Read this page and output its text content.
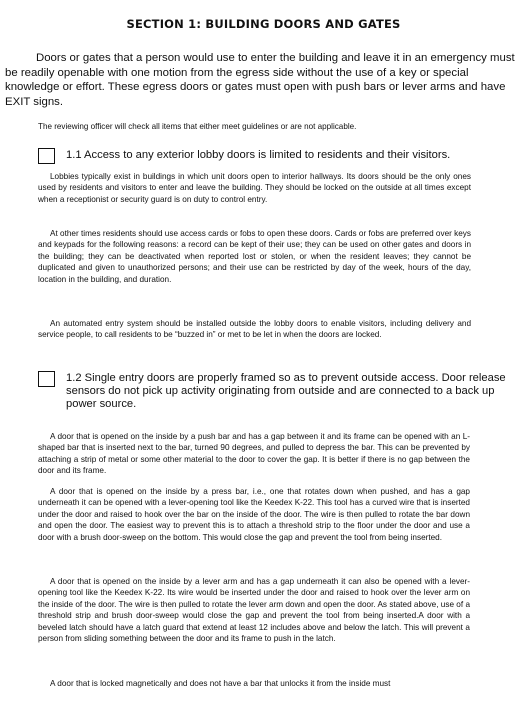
SECTION 1: BUILDING DOORS AND GATES
Doors or gates that a person would use to enter the building and leave it in an emergency must be readily openable with one motion from the egress side without the use of a key or special knowledge or effort. These egress doors or gates must open with push bars or lever arms and have EXIT signs.
The reviewing officer will check all items that either meet guidelines or are not applicable.
1.1 Access to any exterior lobby doors is limited to residents and their visitors.
Lobbies typically exist in buildings in which unit doors open to interior hallways. Its doors should be the only ones used by residents and visitors to enter and leave the building. They should be locked on the outside at all times except when a receptionist or security guard is on duty to control entry.
At other times residents should use access cards or fobs to open these doors. Cards or fobs are preferred over keys and keypads for the following reasons: a record can be kept of their use; they can be used on other gates and doors in the building; they can be deactivated when reported lost or stolen, or when the resident leaves; they cannot be duplicated and given to unauthorized persons; and their use can be restricted by day of the week, hours of the day, location in the building, and duration.
An automated entry system should be installed outside the lobby doors to enable visitors, including delivery and service people, to call residents to be “buzzed in” or met to be let in when the doors are locked.
1.2 Single entry doors are properly framed so as to prevent outside access. Door release sensors do not pick up activity originating from outside and are connected to a back up power source.
A door that is opened on the inside by a push bar and has a gap between it and its frame can be opened with an L- shaped bar that is inserted next to the bar, turned 90 degrees, and pulled to depress the bar. This can be prevented by attaching a strip of metal or some other material to the door to cover the gap. It is better if there is no gap between the door and its frame.
A door that is opened on the inside by a press bar, i.e., one that rotates down when pushed, and has a gap underneath it can be opened with a lever-opening tool like the Keedex K-22. This tool has a curved wire that is inserted under the door and raised to hook over the bar on the inside of the door. The wire is then pulled to rotate the bar down and open the door. The easiest way to prevent this is to attach a threshold strip to the floor under the door and use a door with a brush door-sweep on the bottom. This would close the gap and prevent the tool from being inserted.
A door that is opened on the inside by a lever arm and has a gap underneath it can also be opened with a lever- opening tool like the Keedex K-22. Its wire would be inserted under the door and raised to hook over the lever arm on the inside of the door. The wire is then pulled to rotate the lever arm down and open the door. As stated above, use of a threshold strip and brush door-sweep would close the gap and prevent the tool from being inserted.A door with a beveled latch should have a latch guard that extend at least 12 includes above and below the latch. This will prevent a person from sliding something between the door and its frame to push in the latch.
A door that is locked magnetically and does not have a bar that unlocks it from the inside must
